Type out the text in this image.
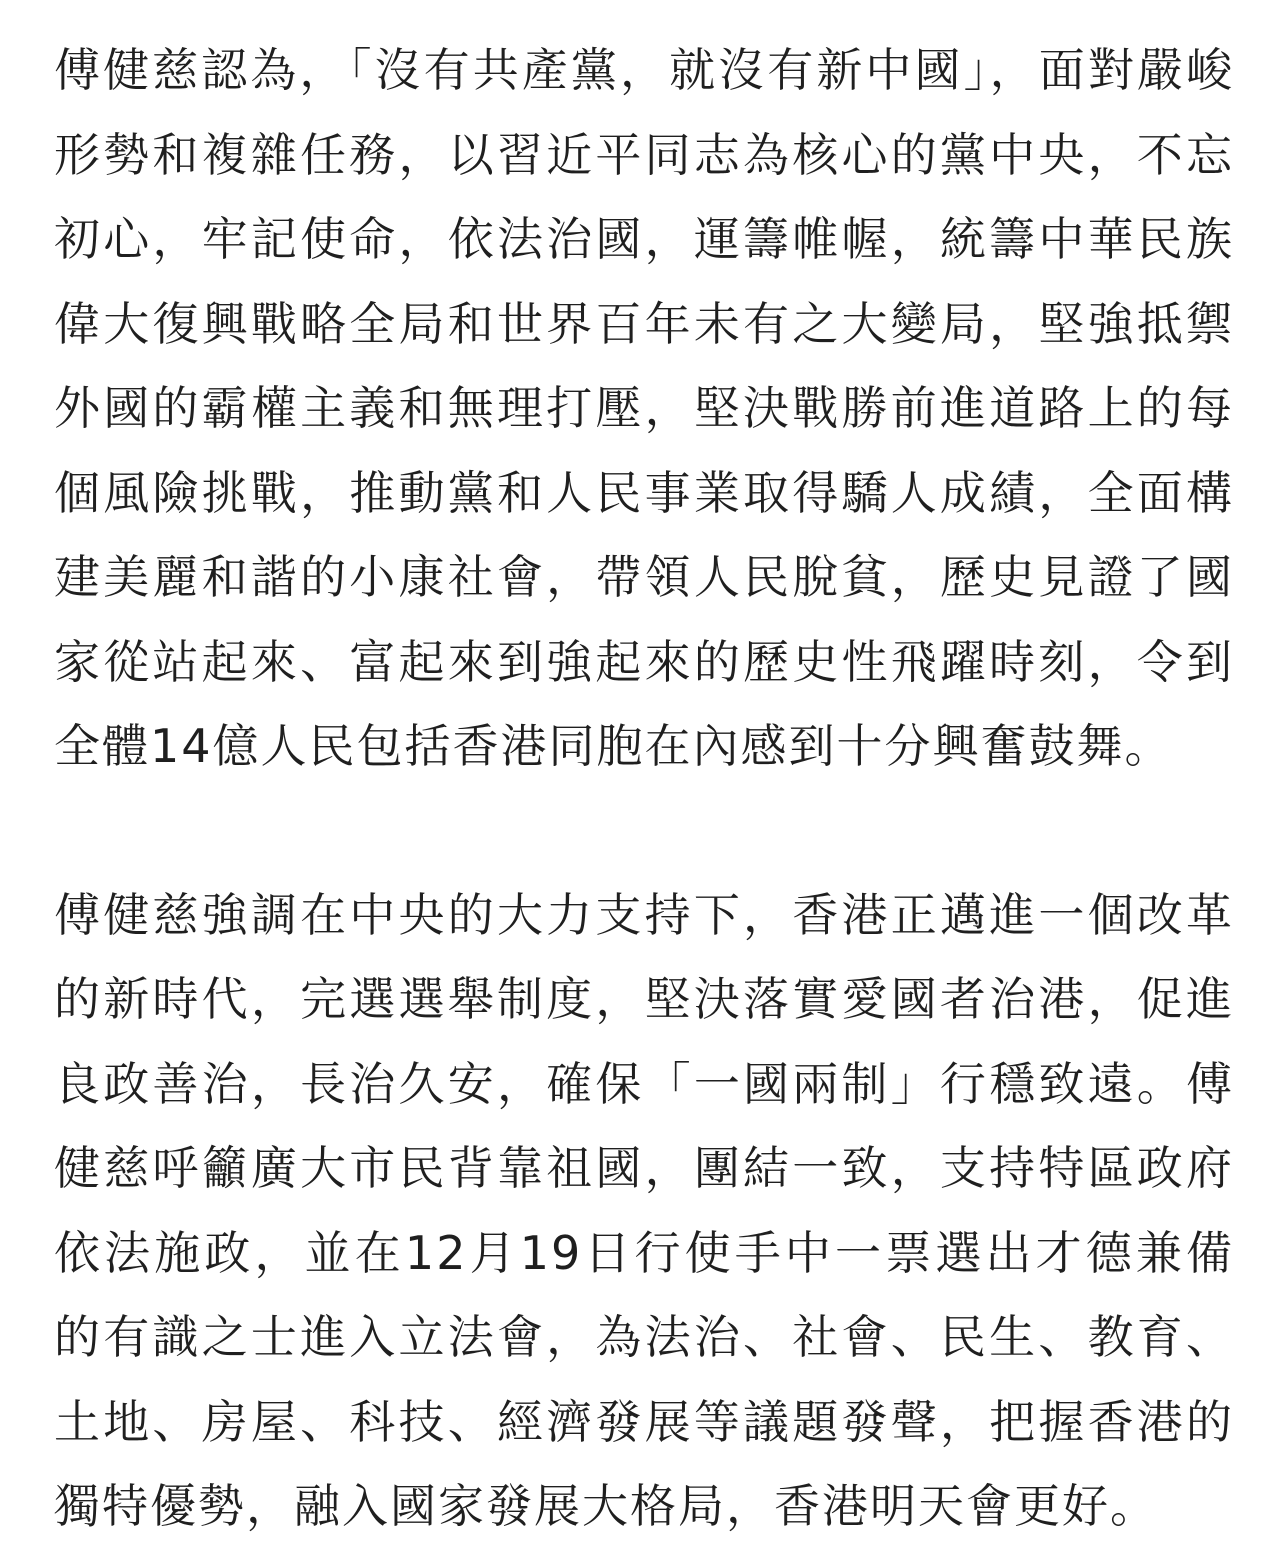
傅健慈認為，「沒有共產黨，就沒有新中國」，面對嚴峻形勢和複雜任務，以習近平同志為核心的黨中央，不忘初心，牢記使命，依法治國，運籌帷幄，統籌中華民族偉大復興戰略全局和世界百年未有之大變局，堅強抵禦外國的霸權主義和無理打壓，堅決戰勝前進道路上的每個風險挑戰，推動黨和人民事業取得驕人成績，全面構建美麗和諧的小康社會，帶領人民脫貧，歷史見證了國家從站起來、富起來到強起來的歷史性飛躍時刻，令到全體14億人民包括香港同胞在內感到十分興奮鼓舞。

傅健慈強調在中央的大力支持下，香港正邁進一個改革的新時代，完選選舉制度，堅決落實愛國者治港，促進良政善治，長治久安，確保「一國兩制」行穩致遠。傅健慈呼籲廣大市民背靠祖國，團結一致，支持特區政府依法施政，並在12月19日行使手中一票選出才德兼備的有識之士進入立法會，為法治、社會、民生、教育、土地、房屋、科技、經濟發展等議題發聲，把握香港的獨特優勢，融入國家發展大格局，香港明天會更好。
